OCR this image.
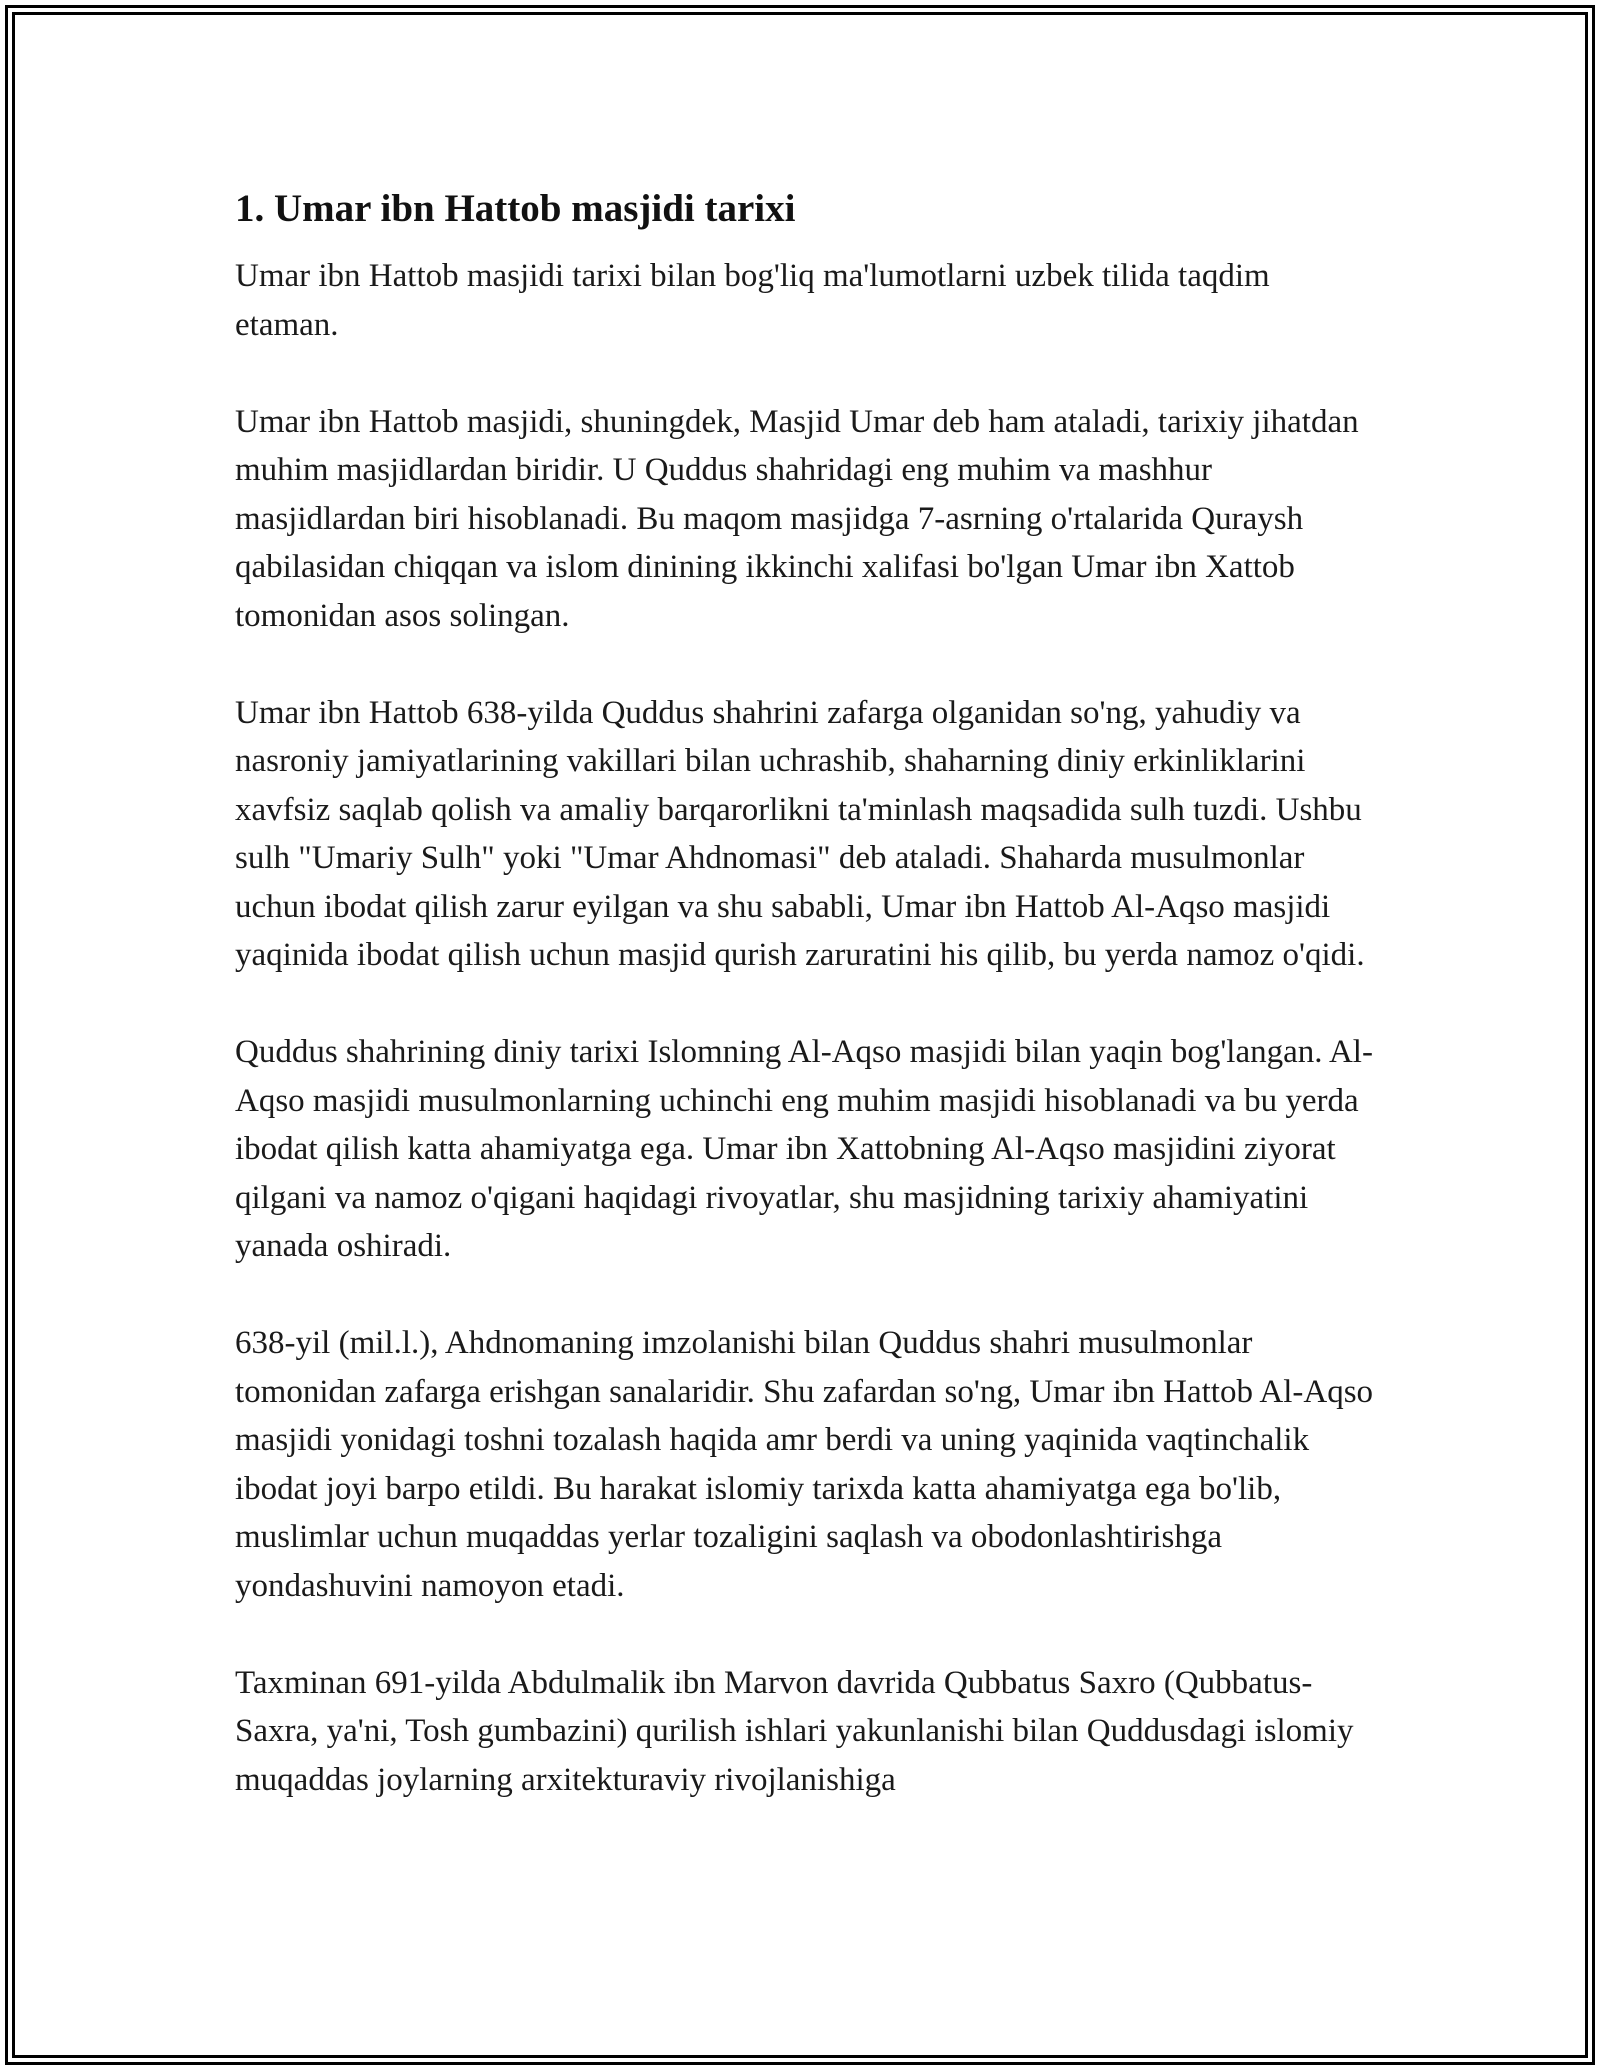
1. Umar ibn Hattob masjidi tarixi

Umar ibn Hattob masjidi tarixi bilan bog'liq ma'lumotlarni uzbek tilida taqdim etaman.

Umar ibn Hattob masjidi, shuningdek, Masjid Umar deb ham ataladi, tarixiy jihatdan muhim masjidlardan biridir. U Quddus shahridagi eng muhim va mashhur masjidlardan biri hisoblanadi. Bu maqom masjidga 7-asrning o'rtalarida Quraysh qabilasidan chiqqan va islom dinining ikkinchi xalifasi bo'lgan Umar ibn Xattob tomonidan asos solingan.

Umar ibn Hattob 638-yilda Quddus shahrini zafarga olganidan so'ng, yahudiy va nasroniy jamiyatlarining vakillari bilan uchrashib, shaharning diniy erkinliklarini xavfsiz saqlab qolish va amaliy barqarorlikni ta'minlash maqsadida sulh tuzdi. Ushbu sulh "Umariy Sulh" yoki "Umar Ahdnomasi" deb ataladi. Shaharda musulmonlar uchun ibodat qilish zarur eyilgan va shu sababli, Umar ibn Hattob Al-Aqso masjidi yaqinida ibodat qilish uchun masjid qurish zaruratini his qilib, bu yerda namoz o'qidi.

Quddus shahrining diniy tarixi Islomning Al-Aqso masjidi bilan yaqin bog'langan. Al-Aqso masjidi musulmonlarning uchinchi eng muhim masjidi hisoblanadi va bu yerda ibodat qilish katta ahamiyatga ega. Umar ibn Xattobning Al-Aqso masjidini ziyorat qilgani va namoz o'qigani haqidagi rivoyatlar, shu masjidning tarixiy ahamiyatini yanada oshiradi.

638-yil (mil.l.), Ahdnomaning imzolanishi bilan Quddus shahri musulmonlar tomonidan zafarga erishgan sanalaridir. Shu zafardan so'ng, Umar ibn Hattob Al-Aqso masjidi yonidagi toshni tozalash haqida amr berdi va uning yaqinida vaqtinchalik ibodat joyi barpo etildi. Bu harakat islomiy tarixda katta ahamiyatga ega bo'lib, muslimlar uchun muqaddas yerlar tozaligini saqlash va obodonlashtirishga yondashuvini namoyon etadi.

Taxminan 691-yilda Abdulmalik ibn Marvon davrida Qubbatus Saxro (Qubbatus-Saxra, ya'ni, Tosh gumbazini) qurilish ishlari yakunlanishi bilan Quddusdagi islomiy muqaddas joylarning arxitekturaviy rivojlanishiga
